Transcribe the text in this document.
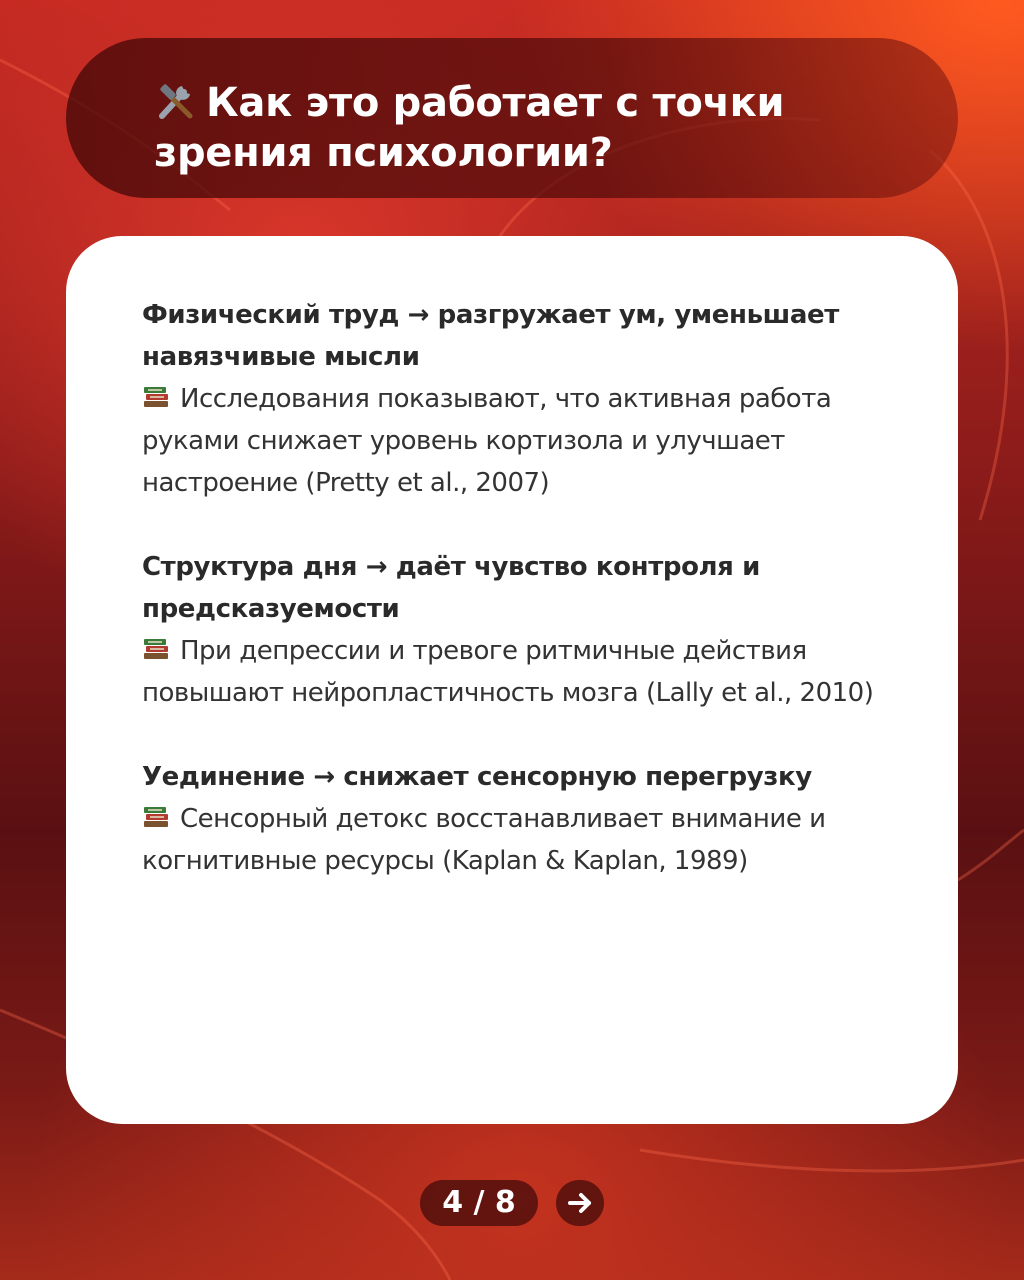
Как это работает с точки зрения психологии?

Физический труд → разгружает ум, уменьшает навязчивые мысли

Исследования показывают, что активная работа руками снижает уровень кортизола и улучшает настроение (Pretty et al., 2007)

Структура дня → даёт чувство контроля и предсказуемости

При депрессии и тревоге ритмичные действия повышают нейропластичность мозга (Lally et al., 2010)

Уединение → снижает сенсорную перегрузку

Сенсорный детокс восстанавливает внимание и когнитивные ресурсы (Kaplan & Kaplan, 1989)

4 / 8
